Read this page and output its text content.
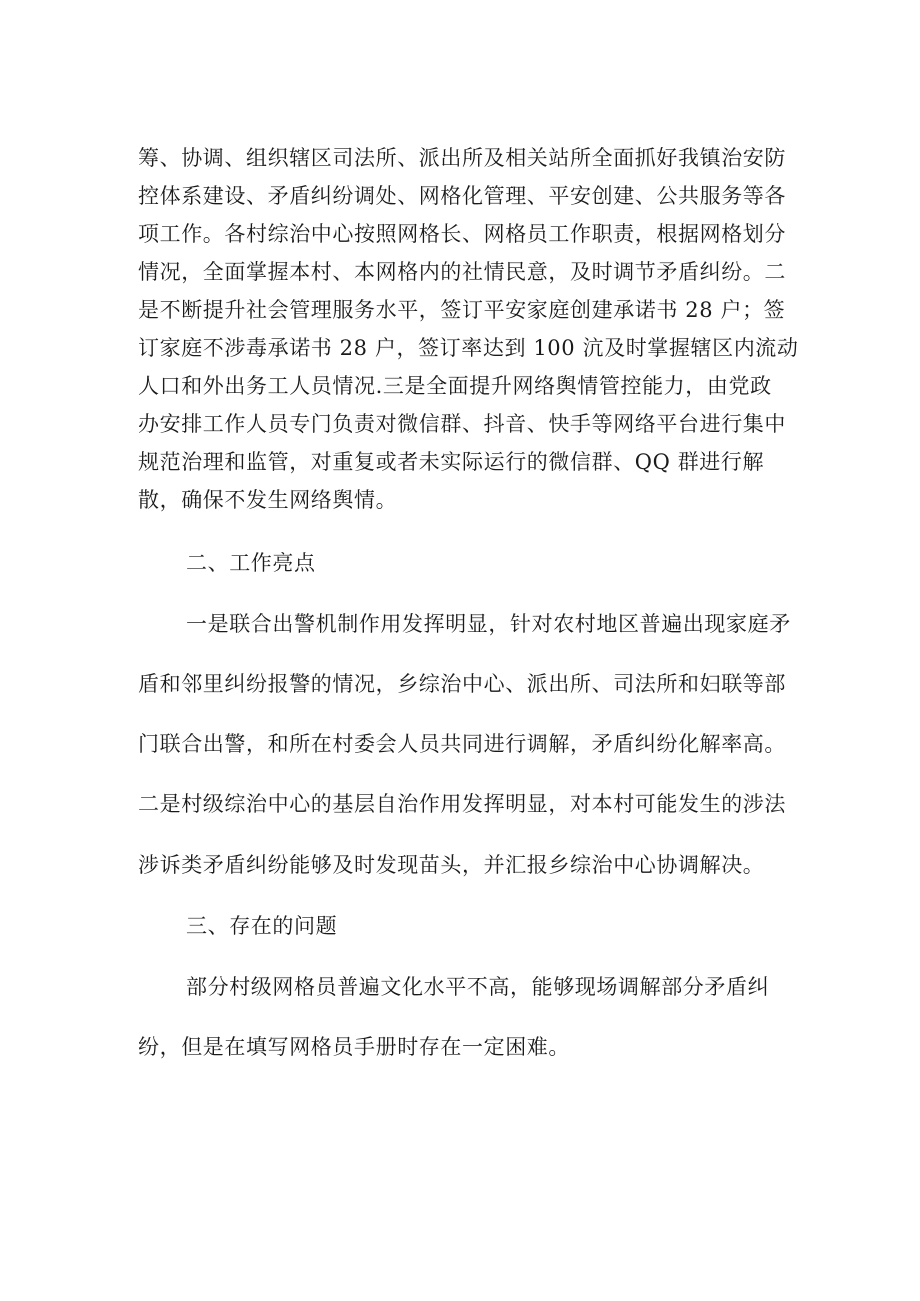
筹、协调、组织辖区司法所、派出所及相关站所全面抓好我镇治安防
控体系建设、矛盾纠纷调处、网格化管理、平安创建、公共服务等各
项工作。各村综治中心按照网格长、网格员工作职责，根据网格划分
情况，全面掌握本村、本网格内的社情民意，及时调节矛盾纠纷。二
是不断提升社会管理服务水平，签订平安家庭创建承诺书 28 户；签
订家庭不涉毒承诺书 28 户，签订率达到 100 沆及时掌握辖区内流动
人口和外出务工人员情况.三是全面提升网络舆情管控能力，由党政
办安排工作人员专门负责对微信群、抖音、快手等网络平台进行集中
规范治理和监管，对重复或者未实际运行的微信群、QQ 群进行解
散，确保不发生网络舆情。
二、工作亮点
一是联合出警机制作用发挥明显，针对农村地区普遍出现家庭矛
盾和邻里纠纷报警的情况，乡综治中心、派出所、司法所和妇联等部
门联合出警，和所在村委会人员共同进行调解，矛盾纠纷化解率高。
二是村级综治中心的基层自治作用发挥明显，对本村可能发生的涉法
涉诉类矛盾纠纷能够及时发现苗头，并汇报乡综治中心协调解决。
三、存在的问题
部分村级网格员普遍文化水平不高，能够现场调解部分矛盾纠
纷，但是在填写网格员手册时存在一定困难。
